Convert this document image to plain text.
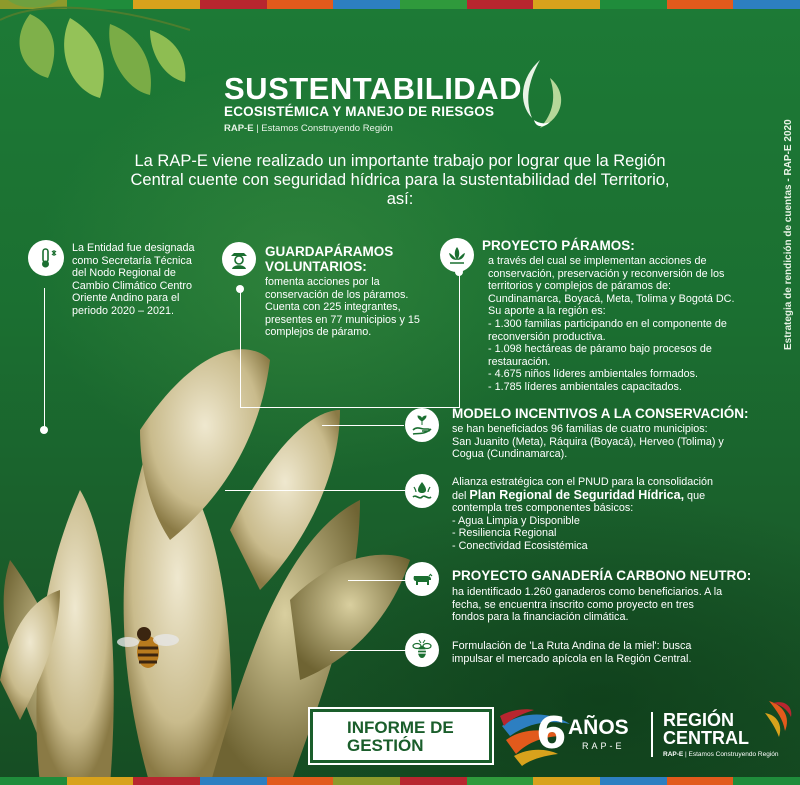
Estrategia de rendición de cuentas - RAP-E 2020
SUSTENTABILIDAD
ECOSISTÉMICA Y MANEJO DE RIESGOS
RAP-E | Estamos Construyendo Región
La RAP-E viene realizado un importante trabajo por lograr que la Región Central cuente con seguridad hídrica para la sustentabilidad del Territorio, así:
La Entidad fue designada
como Secretaría Técnica
del Nodo Regional de
Cambio Climático Centro
Oriente Andino para el
periodo 2020 – 2021.
GUARDAPÁRAMOS
VOLUNTARIOS:
fomenta acciones por la
conservación de los páramos.
Cuenta con 225 integrantes,
presentes en 77 municipios y 15
complejos de páramo.
PROYECTO PÁRAMOS:
a través del cual se implementan acciones de
conservación, preservación y reconversión de los
territorios y complejos de páramos de:
Cundinamarca, Boyacá, Meta, Tolima y Bogotá DC.
Su aporte a la región es:
- 1.300 familias participando en el componente de
reconversión productiva.
- 1.098 hectáreas de páramo bajo procesos de
restauración.
- 4.675 niños líderes ambientales formados.
- 1.785 líderes ambientales capacitados.
MODELO INCENTIVOS A LA CONSERVACIÓN:
se han beneficiados 96 familias de cuatro municipios:
San Juanito (Meta), Ráquira (Boyacá), Herveo (Tolima) y
Cogua (Cundinamarca).
Alianza estratégica con el PNUD para la consolidación
del Plan Regional de Seguridad Hídrica, que
contempla tres componentes básicos:
- Agua Limpia y Disponible
- Resiliencia Regional
- Conectividad Ecosistémica
PROYECTO GANADERÍA CARBONO NEUTRO:
ha identificado 1.260 ganaderos como beneficiarios. A la
fecha, se encuentra inscrito como proyecto en tres
fondos para la financiación climática.
Formulación de 'La Ruta Andina de la miel': busca
impulsar el mercado apícola en la Región Central.
INFORME DE
GESTIÓN	6 AÑOS
RAP-E
REGIÓN
CENTRAL
RAP-E | Estamos Construyendo Región
